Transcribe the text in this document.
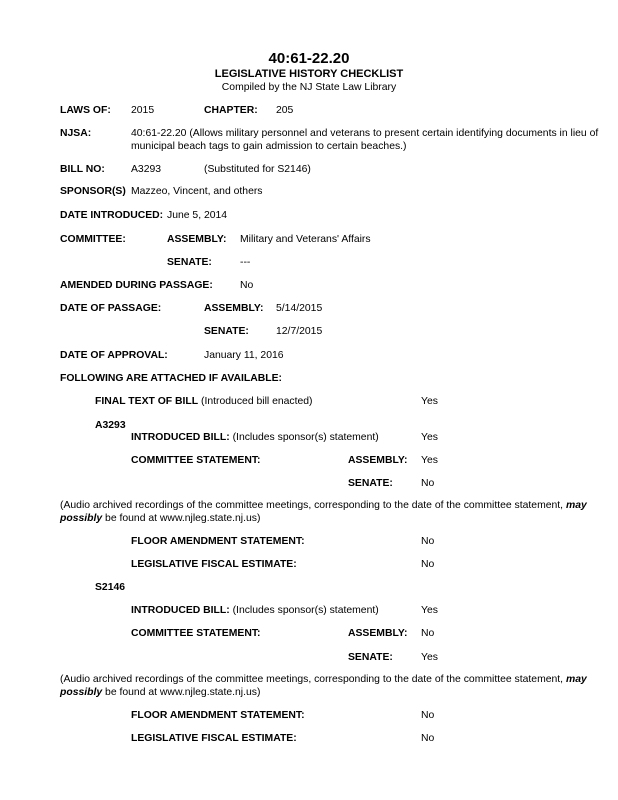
40:61-22.20
LEGISLATIVE HISTORY CHECKLIST
Compiled by the NJ State Law Library
LAWS OF: 2015	CHAPTER: 205
NJSA:	40:61-22.20 (Allows military personnel and veterans to present certain identifying documents in lieu of municipal beach tags to gain admission to certain beaches.)
BILL NO:	A3293	(Substituted for S2146)
SPONSOR(S) Mazzeo, Vincent, and others
DATE INTRODUCED: June 5, 2014
COMMITTEE:	ASSEMBLY: Military and Veterans' Affairs
SENATE:	---
AMENDED DURING PASSAGE:	No
DATE OF PASSAGE:	ASSEMBLY: 5/14/2015
SENATE:	12/7/2015
DATE OF APPROVAL:	January 11, 2016
FOLLOWING ARE ATTACHED IF AVAILABLE:
FINAL TEXT OF BILL (Introduced bill enacted)	Yes
A3293
INTRODUCED BILL: (Includes sponsor(s) statement)	Yes
COMMITTEE STATEMENT:	ASSEMBLY: Yes
SENATE:	No
(Audio archived recordings of the committee meetings, corresponding to the date of the committee statement, may possibly be found at www.njleg.state.nj.us)
FLOOR AMENDMENT STATEMENT:	No
LEGISLATIVE FISCAL ESTIMATE:	No
S2146
INTRODUCED BILL: (Includes sponsor(s) statement)	Yes
COMMITTEE STATEMENT:	ASSEMBLY: No
SENATE:	Yes
(Audio archived recordings of the committee meetings, corresponding to the date of the committee statement, may possibly be found at www.njleg.state.nj.us)
FLOOR AMENDMENT STATEMENT:	No
LEGISLATIVE FISCAL ESTIMATE:	No
